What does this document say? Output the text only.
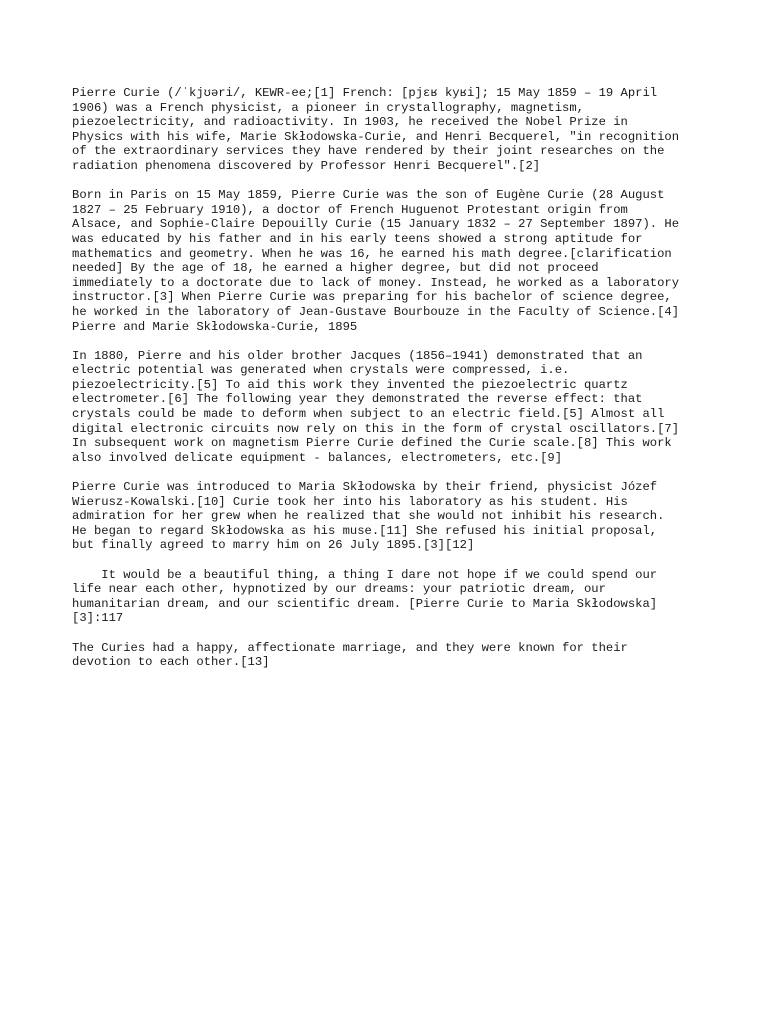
Pierre Curie (/ˈkjʊəri/, KEWR-ee;[1] French: [pjɛʁ kyʁi]; 15 May 1859 – 19 April
1906) was a French physicist, a pioneer in crystallography, magnetism,
piezoelectricity, and radioactivity. In 1903, he received the Nobel Prize in
Physics with his wife, Marie Skłodowska-Curie, and Henri Becquerel, "in recognition
of the extraordinary services they have rendered by their joint researches on the
radiation phenomena discovered by Professor Henri Becquerel".[2]

Born in Paris on 15 May 1859, Pierre Curie was the son of Eugène Curie (28 August
1827 – 25 February 1910), a doctor of French Huguenot Protestant origin from
Alsace, and Sophie-Claire Depouilly Curie (15 January 1832 – 27 September 1897). He
was educated by his father and in his early teens showed a strong aptitude for
mathematics and geometry. When he was 16, he earned his math degree.[clarification
needed] By the age of 18, he earned a higher degree, but did not proceed
immediately to a doctorate due to lack of money. Instead, he worked as a laboratory
instructor.[3] When Pierre Curie was preparing for his bachelor of science degree,
he worked in the laboratory of Jean-Gustave Bourbouze in the Faculty of Science.[4]
Pierre and Marie Skłodowska-Curie, 1895

In 1880, Pierre and his older brother Jacques (1856–1941) demonstrated that an
electric potential was generated when crystals were compressed, i.e.
piezoelectricity.[5] To aid this work they invented the piezoelectric quartz
electrometer.[6] The following year they demonstrated the reverse effect: that
crystals could be made to deform when subject to an electric field.[5] Almost all
digital electronic circuits now rely on this in the form of crystal oscillators.[7]
In subsequent work on magnetism Pierre Curie defined the Curie scale.[8] This work
also involved delicate equipment - balances, electrometers, etc.[9]

Pierre Curie was introduced to Maria Skłodowska by their friend, physicist Józef
Wierusz-Kowalski.[10] Curie took her into his laboratory as his student. His
admiration for her grew when he realized that she would not inhibit his research.
He began to regard Skłodowska as his muse.[11] She refused his initial proposal,
but finally agreed to marry him on 26 July 1895.[3][12]

It would be a beautiful thing, a thing I dare not hope if we could spend our
life near each other, hypnotized by our dreams: your patriotic dream, our
humanitarian dream, and our scientific dream. [Pierre Curie to Maria Skłodowska]
[3]:117

The Curies had a happy, affectionate marriage, and they were known for their
devotion to each other.[13]
